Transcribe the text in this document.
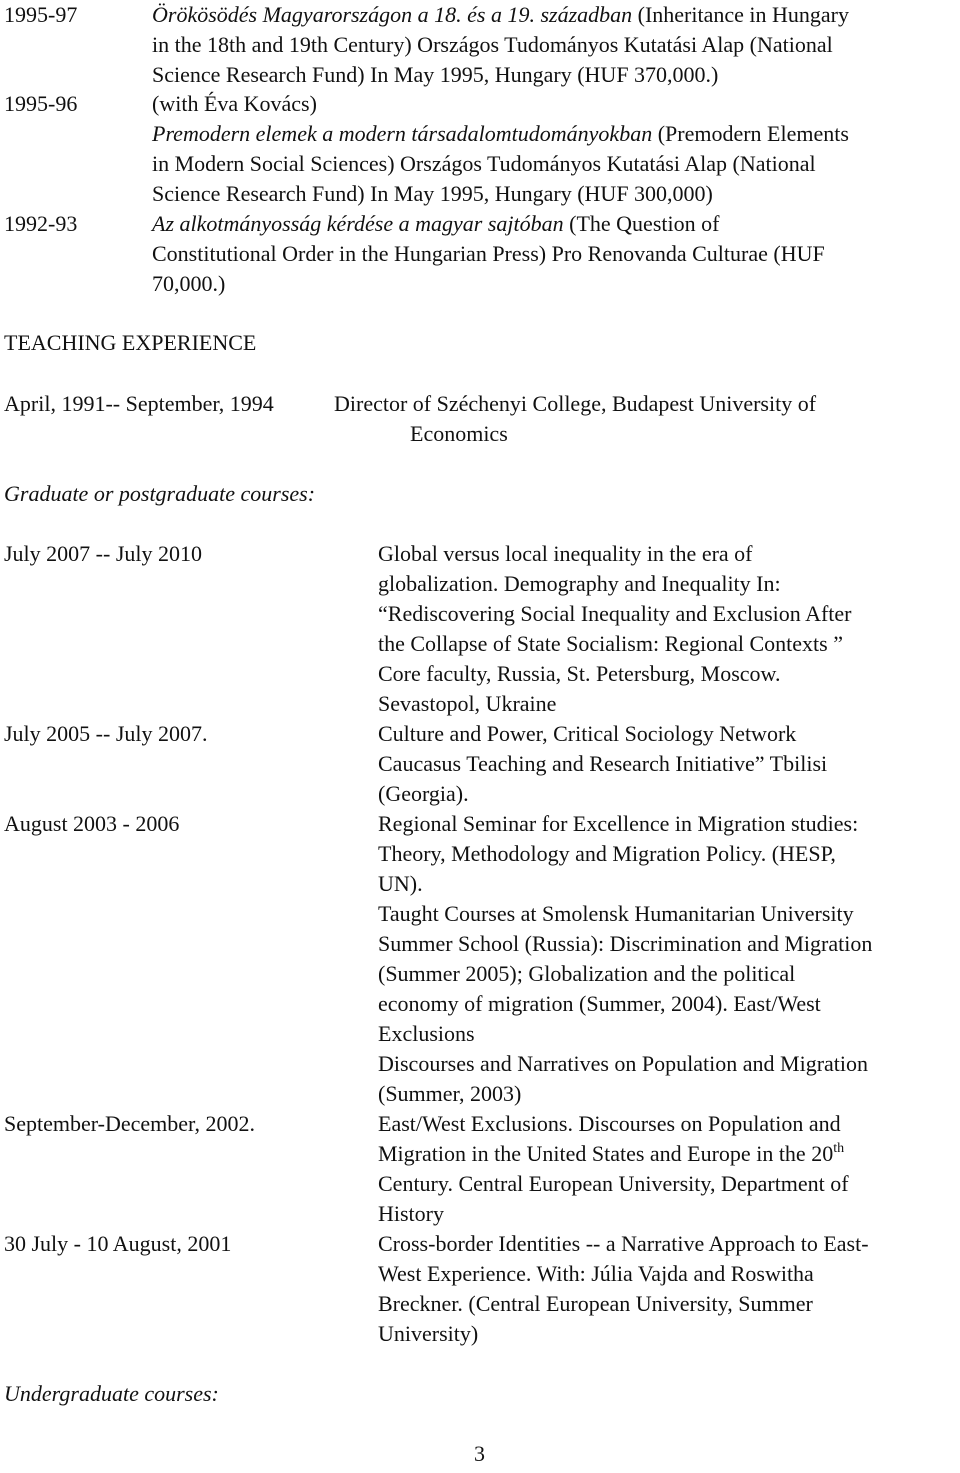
1995-97	Örökösödés Magyarországon a 18. és a 19. században (Inheritance in Hungary
in the 18th and 19th Century) Országos Tudományos Kutatási Alap (National
Science Research Fund) In May 1995, Hungary (HUF 370,000.)
1995-96	(with Éva Kovács)
Premodern elemek a modern társadalomtudományokban (Premodern Elements
in Modern Social Sciences) Országos Tudományos Kutatási Alap (National
Science Research Fund) In May 1995, Hungary (HUF 300,000)
1992-93	Az alkotmányosság kérdése a magyar sajtóban (The Question of
Constitutional Order in the Hungarian Press) Pro Renovanda Culturae (HUF
70,000.)
TEACHING EXPERIENCE
April, 1991-- September, 1994	Director of Széchenyi College, Budapest University of
Economics
Graduate or postgraduate courses:
July 2007 -- July 2010	Global versus local inequality in the era of
globalization. Demography and Inequality In:
“Rediscovering Social Inequality and Exclusion After
the Collapse of State Socialism: Regional Contexts ”
Core faculty, Russia, St. Petersburg, Moscow.
Sevastopol, Ukraine
July 2005 -- July 2007.	Culture and Power, Critical Sociology Network
Caucasus Teaching and Research Initiative” Tbilisi
(Georgia).
August 2003 - 2006	Regional Seminar for Excellence in Migration studies:
Theory, Methodology and Migration Policy. (HESP,
UN).
Taught Courses at Smolensk Humanitarian University
Summer School (Russia): Discrimination and Migration
(Summer 2005); Globalization and the political
economy of migration (Summer, 2004). East/West
Exclusions
Discourses and Narratives on Population and Migration
(Summer, 2003)
September-December, 2002.	East/West Exclusions. Discourses on Population and
Migration in the United States and Europe in the 20th
Century. Central European University, Department of
History
30 July - 10 August, 2001	Cross-border Identities -- a Narrative Approach to East-
West Experience. With: Júlia Vajda and Roswitha
Breckner. (Central European University, Summer
University)
Undergraduate courses:
3
